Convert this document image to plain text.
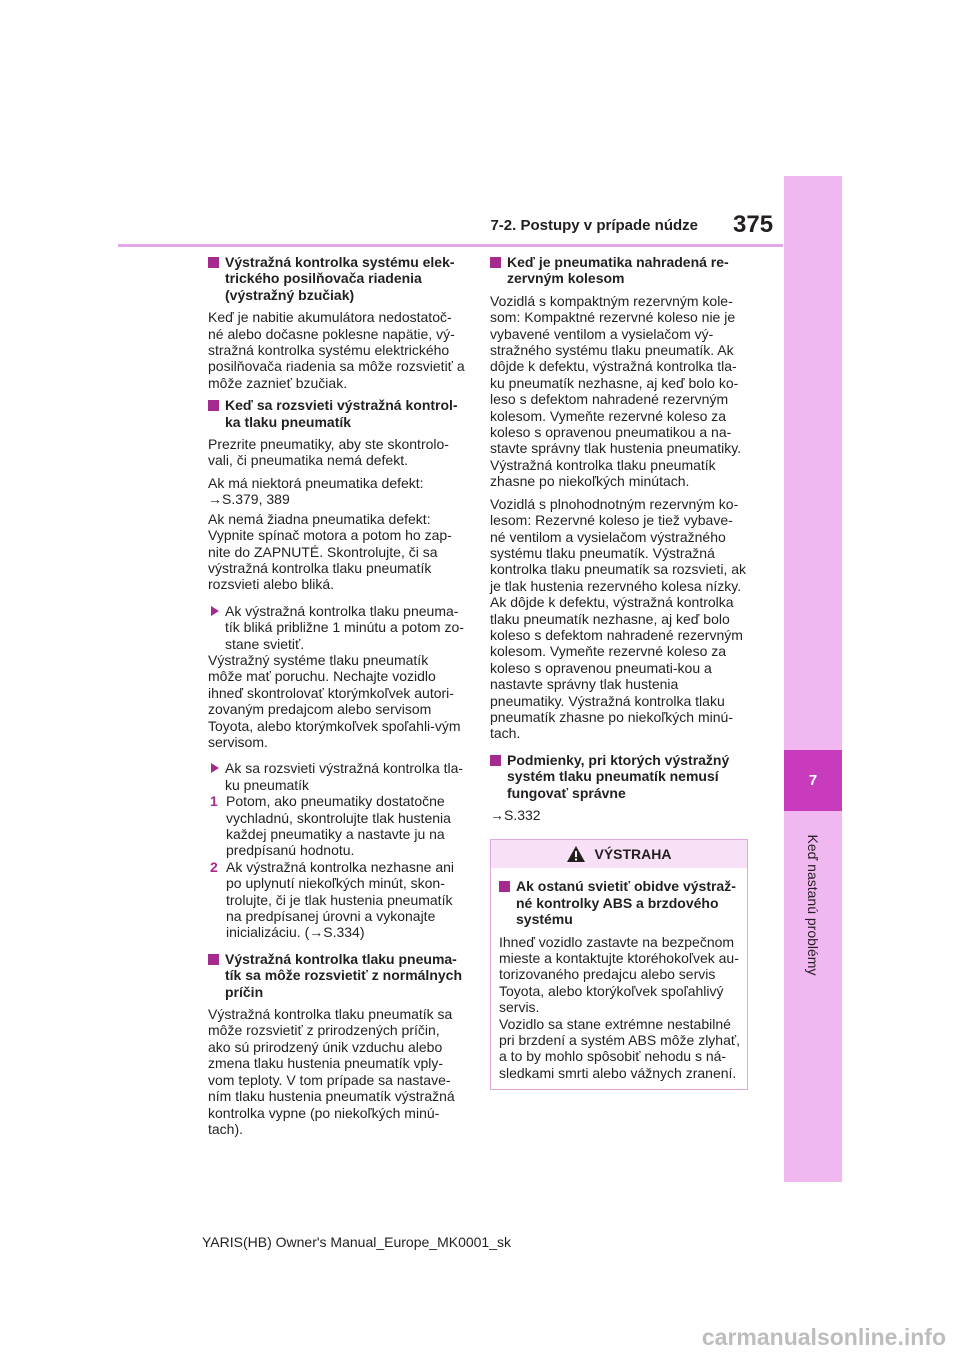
7
Keď nastanú problémy
7-2. Postupy v prípade núdze 375
Výstražná kontrolka systému elek-trického posilňovača riadenia (výstražný bzučiak)

Keď je nabitie akumulátora nedostatoč-né alebo dočasne poklesne napätie, vý-stražná kontrolka systému elektrického posilňovača riadenia sa môže rozsvietiť a môže zaznieť bzučiak.

Keď sa rozsvieti výstražná kontrol-ka tlaku pneumatík

Prezrite pneumatiky, aby ste skontrolo-vali, či pneumatika nemá defekt.

Ak má niektorá pneumatika defekt:
→S.379, 389

Ak nemá žiadna pneumatika defekt: Vypnite spínač motora a potom ho zap-nite do ZAPNUTÉ. Skontrolujte, či sa výstražná kontrolka tlaku pneumatík rozsvieti alebo bliká.

Ak výstražná kontrolka tlaku pneuma-tík bliká približne 1 minútu a potom zo-stane svietiť.

Výstražný systéme tlaku pneumatík môže mať poruchu. Nechajte vozidlo ihneď skontrolovať ktorýmkoľvek autori-zovaným predajcom alebo servisom Toyota, alebo ktorýmkoľvek spoľahli-vým servisom.

Ak sa rozsvieti výstražná kontrolka tla-ku pneumatík
1 Potom, ako pneumatiky dostatočne vychladnú, skontrolujte tlak hustenia každej pneumatiky a nastavte ju na predpísanú hodnotu.
2 Ak výstražná kontrolka nezhasne ani po uplynutí niekoľkých minút, skon-trolujte, či je tlak hustenia pneumatík na predpísanej úrovni a vykonajte inicializáciu. (→S.334)
Výstražná kontrolka tlaku pneuma-tík sa môže rozsvietiť z normálnych príčin

Výstražná kontrolka tlaku pneumatík sa môže rozsvietiť z prirodzených príčin, ako sú prirodzený únik vzduchu alebo zmena tlaku hustenia pneumatík vply-vom teploty. V tom prípade sa nastave-ním tlaku hustenia pneumatík výstražná kontrolka vypne (po niekoľkých minú-tach).

Keď je pneumatika nahradená re-zervným kolesom

Vozidlá s kompaktným rezervným kole-som: Kompaktné rezervné koleso nie je vybavené ventilom a vysielačom vý-stražného systému tlaku pneumatík. Ak dôjde k defektu, výstražná kontrolka tla-ku pneumatík nezhasne, aj keď bolo ko-leso s defektom nahradené rezervným kolesom. Vymeňte rezervné koleso za koleso s opravenou pneumatikou a na-stavte správny tlak hustenia pneumatiky. Výstražná kontrolka tlaku pneumatík zhasne po niekoľkých minútach.

Vozidlá s plnohodnotným rezervným ko-lesom: Rezervné koleso je tiež vybave-né ventilom a vysielačom výstražného systému tlaku pneumatík. Výstražná kontrolka tlaku pneumatík sa rozsvieti, ak je tlak hustenia rezervného kolesa nízky. Ak dôjde k defektu, výstražná kontrolka tlaku pneumatík nezhasne, aj keď bolo koleso s defektom nahradené rezervným kolesom. Vymeňte rezervné koleso za koleso s opravenou pneumati-kou a nastavte správny tlak hustenia pneumatiky. Výstražná kontrolka tlaku pneumatík zhasne po niekoľkých minú-tach.

Podmienky, pri ktorých výstražný systém tlaku pneumatík nemusí fungovať správne

→S.332

VÝSTRAHA
Ak ostanú svietiť obidve výstraž-né kontrolky ABS a brzdového systému

Ihneď vozidlo zastavte na bezpečnom mieste a kontaktujte ktoréhokoľvek au-torizovaného predajcu alebo servis Toyota, alebo ktorýkoľvek spoľahlivý servis.

Vozidlo sa stane extrémne nestabilné pri brzdení a systém ABS môže zlyhať, a to by mohlo spôsobiť nehodu s ná-sledkami smrti alebo vážnych zranení.

YARIS(HB) Owner's Manual_Europe_MK0001_sk
carmanualsonline.info
